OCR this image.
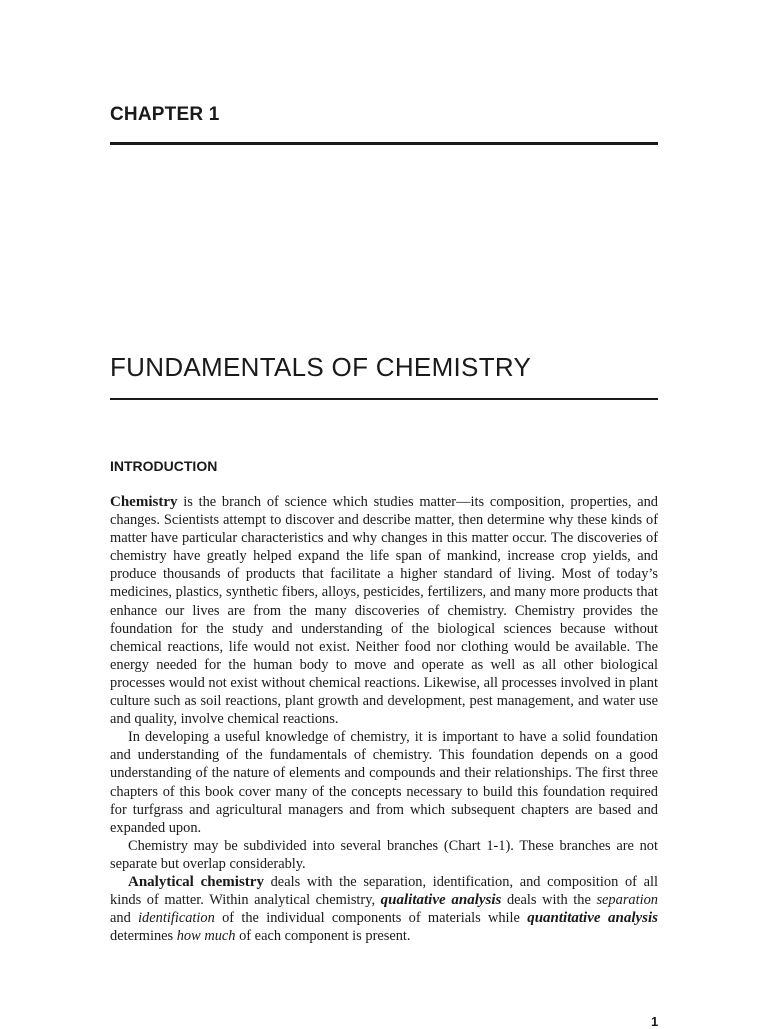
CHAPTER 1
FUNDAMENTALS OF CHEMISTRY
INTRODUCTION

Chemistry is the branch of science which studies matter—its composition, properties, and changes. Scientists attempt to discover and describe matter, then determine why these kinds of matter have particular characteristics and why changes in this matter occur. The discoveries of chemistry have greatly helped expand the life span of mankind, increase crop yields, and produce thousands of products that facilitate a higher standard of living. Most of today’s medicines, plastics, synthetic fibers, alloys, pesticides, fertilizers, and many more products that enhance our lives are from the many discoveries of chemistry. Chemistry provides the foundation for the study and understanding of the biological sciences because without chemical reactions, life would not exist. Neither food nor clothing would be available. The energy needed for the human body to move and operate as well as all other biological processes would not exist without chemical reactions. Likewise, all processes involved in plant culture such as soil reactions, plant growth and development, pest management, and water use and quality, involve chemical reactions.

In developing a useful knowledge of chemistry, it is important to have a solid foundation and understanding of the fundamentals of chemistry. This foundation depends on a good understanding of the nature of elements and compounds and their relationships. The first three chapters of this book cover many of the concepts necessary to build this foundation required for turfgrass and agricultural managers and from which subsequent chapters are based and expanded upon.

Chemistry may be subdivided into several branches (Chart 1-1). These branches are not separate but overlap considerably.

Analytical chemistry deals with the separation, identification, and composition of all kinds of matter. Within analytical chemistry, qualitative analysis deals with the separation and identification of the individual components of materials while quantitative analysis determines how much of each component is present.

1
